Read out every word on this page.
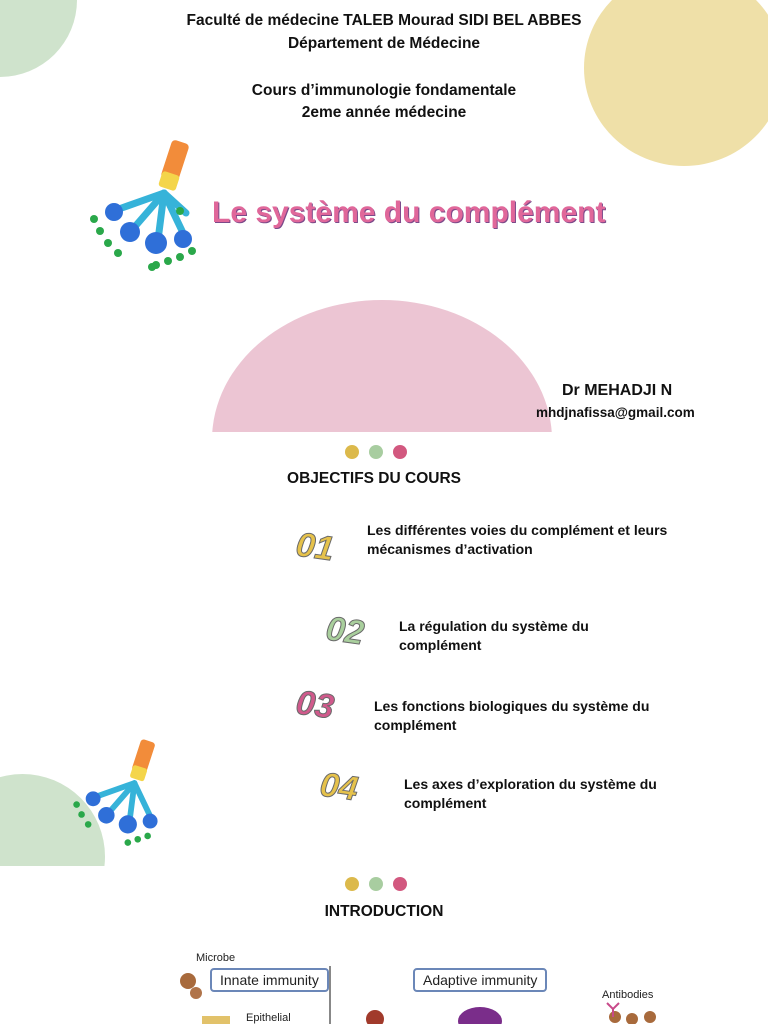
Faculté de médecine TALEB Mourad SIDI BEL ABBES
Département de Médecine
Cours d’immunologie fondamentale
2eme année médecine
Le système du complément
Dr MEHADJI N
mhdjnafissa@gmail.com
OBJECTIFS DU COURS
01 Les différentes voies du complément et leurs mécanismes d’activation
02 La régulation du système du complément
03	Les fonctions biologiques du système du complément
04	Les axes d’exploration du système du complément
INTRODUCTION
Microbe
Innate immunity
Epithelial
Adaptive immunity
Antibodies
